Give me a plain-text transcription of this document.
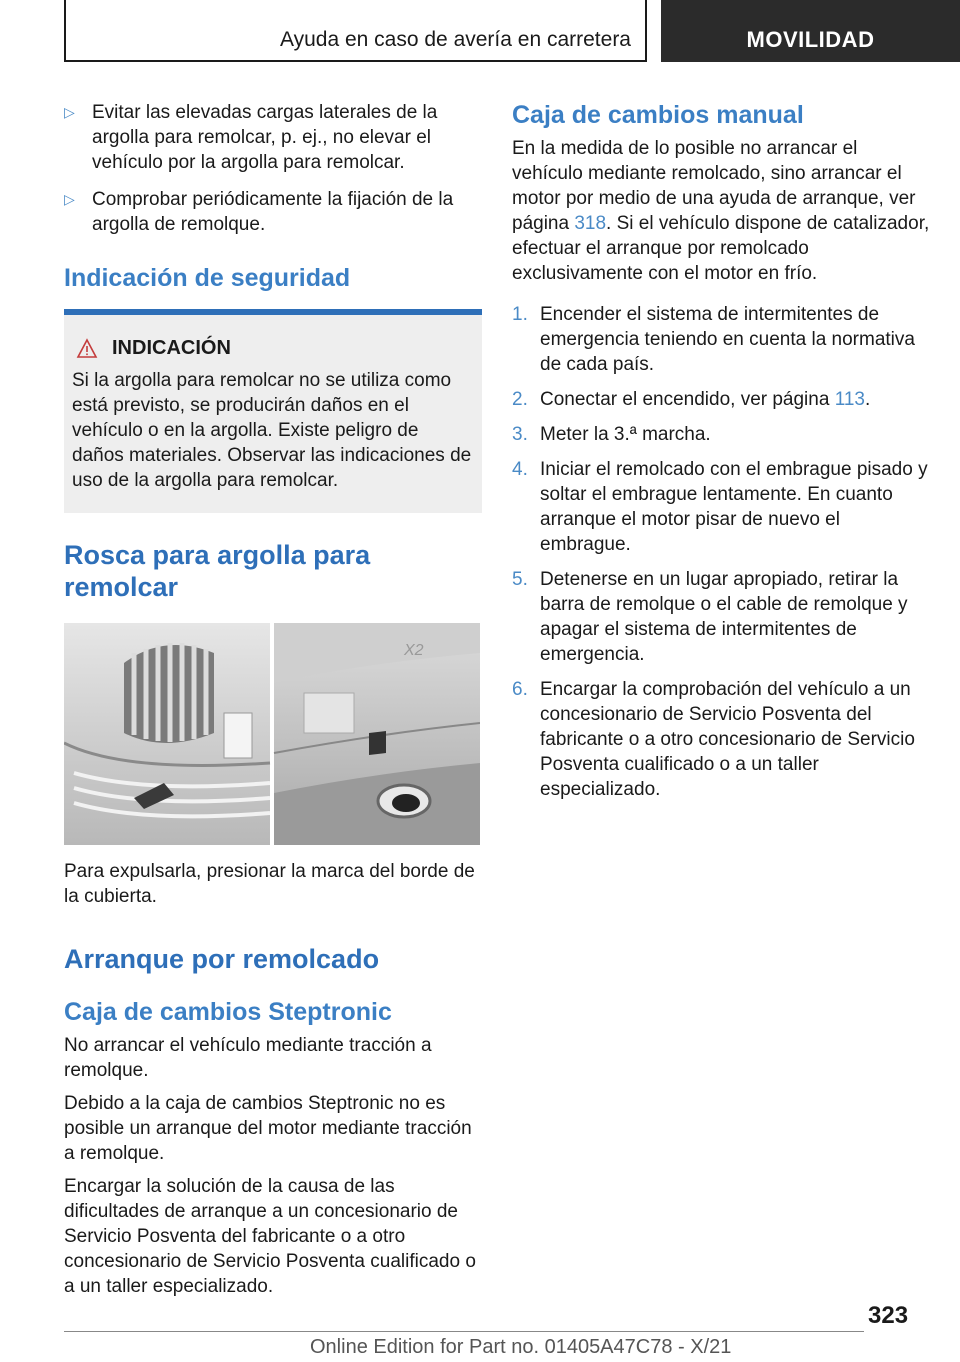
Ayuda en caso de avería en carretera	MOVILIDAD
▷ Evitar las elevadas cargas laterales de la argolla para remolcar, p. ej., no elevar el vehículo por la argolla para remolcar.

▷ Comprobar periódicamente la fijación de la argolla de remolque.

Indicación de seguridad
INDICACIÓN

Si la argolla para remolcar no se utiliza como está previsto, se producirán daños en el vehículo o en la argolla. Existe peligro de daños materiales. Observar las indicaciones de uso de la argolla para remolcar.

Rosca para argolla para remolcar
X2

Para expulsarla, presionar la marca del borde de la cubierta.

Arranque por remolcado
Caja de cambios Steptronic

No arrancar el vehículo mediante tracción a remolque.

Debido a la caja de cambios Steptronic no es posible un arranque del motor mediante tracción a remolque.

Encargar la solución de la causa de las dificultades de arranque a un concesionario de Servicio Posventa del fabricante o a otro concesionario de Servicio Posventa cualificado o a un taller especializado.

Caja de cambios manual

En la medida de lo posible no arrancar el vehículo mediante remolcado, sino arrancar el motor por medio de una ayuda de arranque, ver página 318. Si el vehículo dispone de catalizador, efectuar el arranque por remolcado exclusivamente con el motor en frío.

1. Encender el sistema de intermitentes de emergencia teniendo en cuenta la normativa de cada país.

2. Conectar el encendido, ver página 113.

3. Meter la 3.ª marcha.

4. Iniciar el remolcado con el embrague pisado y soltar el embrague lentamente. En cuanto arranque el motor pisar de nuevo el embrague.

5. Detenerse en un lugar apropiado, retirar la barra de remolque o el cable de remolque y apagar el sistema de intermitentes de emergencia.

6. Encargar la comprobación del vehículo a un concesionario de Servicio Posventa del fabricante o a otro concesionario de Servicio Posventa cualificado o a un taller especializado.

323
Online Edition for Part no. 01405A47C78 - X/21
